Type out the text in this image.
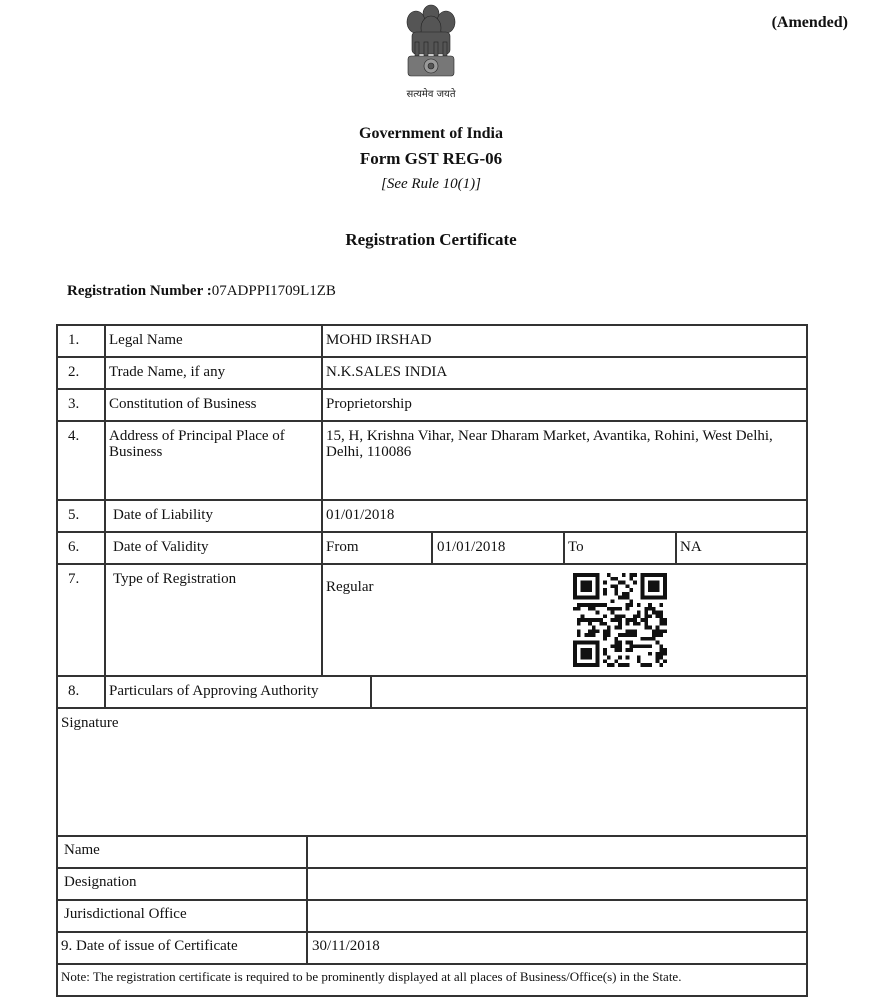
(Amended)
सत्यमेव जयते
Government of India
Form GST REG-06
[See Rule 10(1)]
Registration Certificate
Registration Number :07ADPPI1709L1ZB
1. Legal Name	MOHD IRSHAD
2. Trade Name, if any	N.K.SALES INDIA
3. Constitution of Business	Proprietorship
4. Address of Principal Place of Business
15, H, Krishna Vihar, Near Dharam Market, Avantika, Rohini, West Delhi, Delhi, 110086
5. Date of Liability	01/01/2018
6. Date of Validity	From	01/01/2018	To	NA
7. Type of Registration	Regular
8. Particulars of Approving Authority
Signature
Name
Designation
Jurisdictional Office
9. Date of issue of Certificate	30/11/2018
Note: The registration certificate is required to be prominently displayed at all places of Business/Office(s) in the State.
